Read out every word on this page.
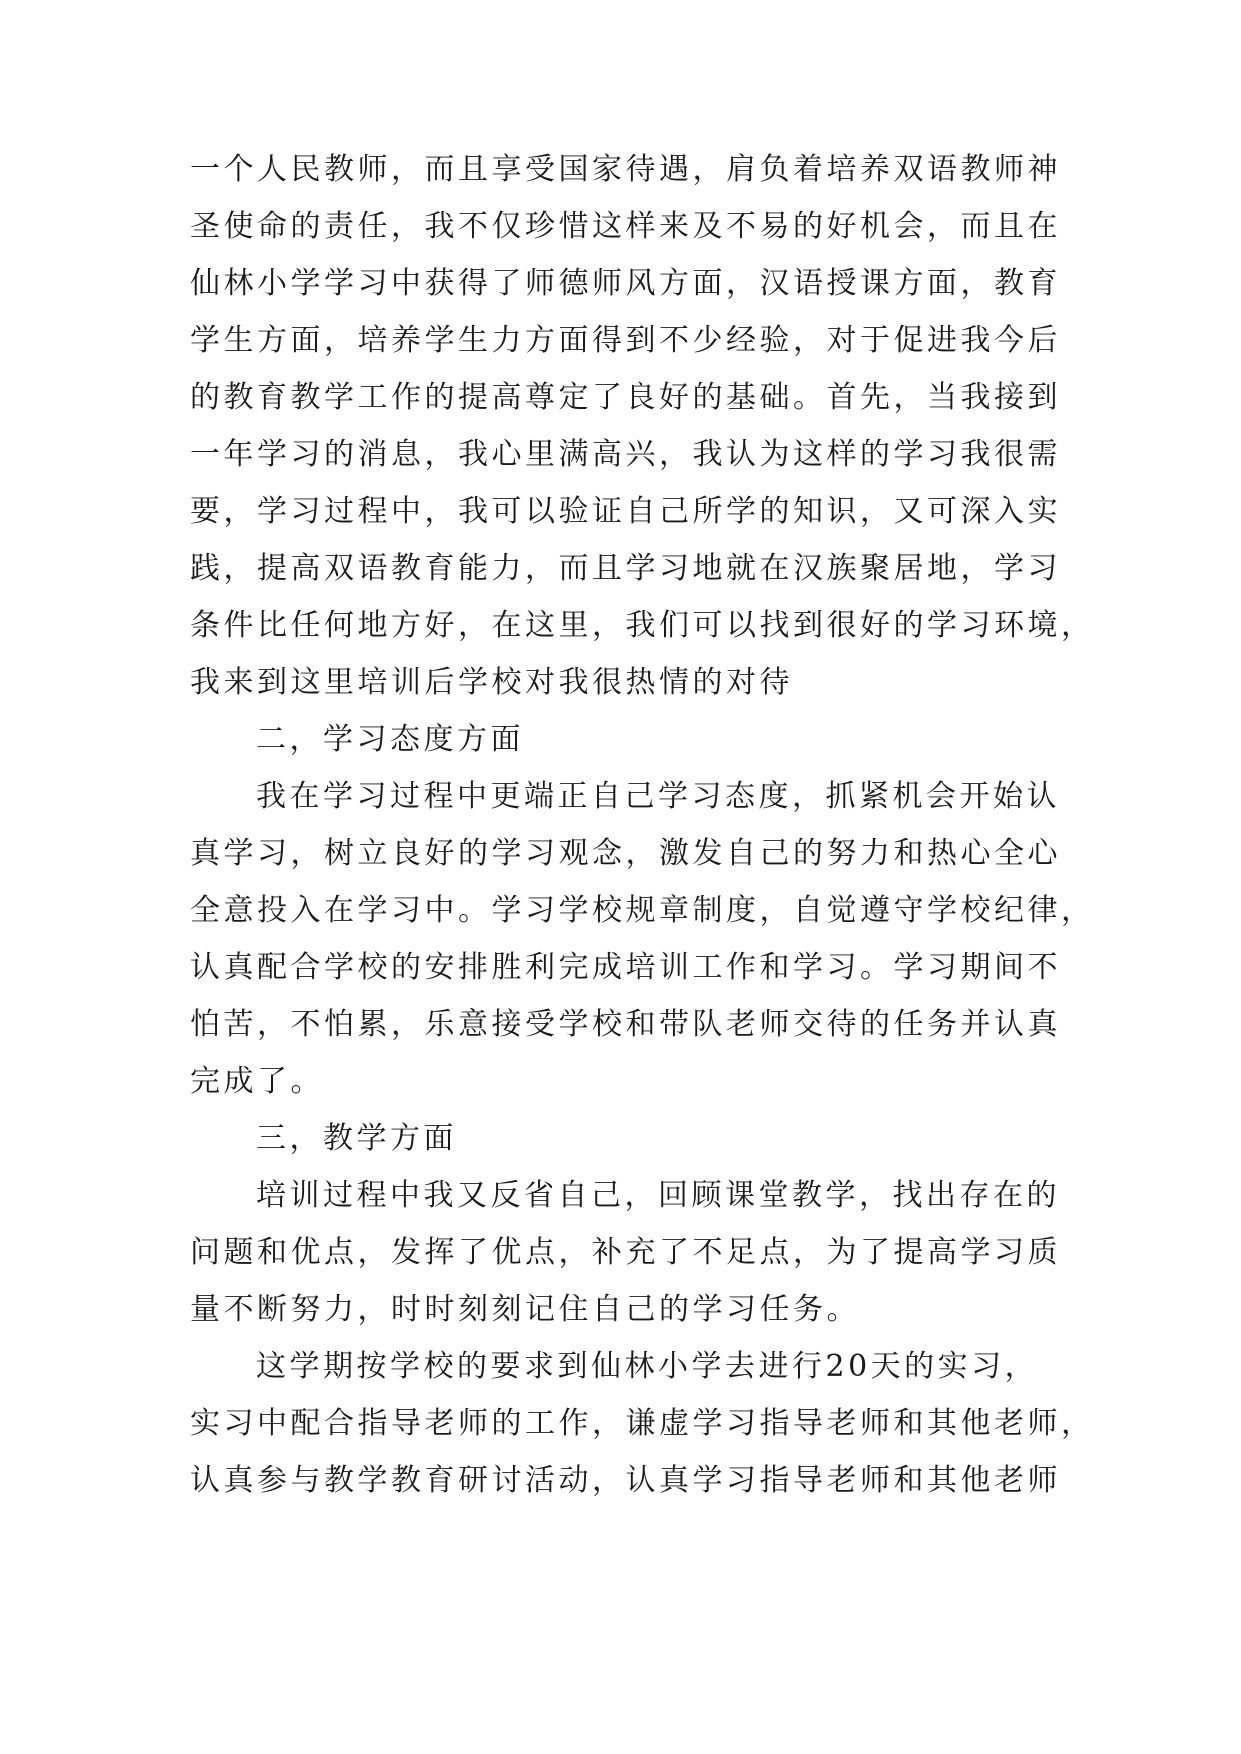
一个人民教师，而且享受国家待遇，肩负着培养双语教师神
圣使命的责任，我不仅珍惜这样来及不易的好机会，而且在
仙林小学学习中获得了师德师风方面，汉语授课方面，教育
学生方面，培养学生力方面得到不少经验，对于促进我今后
的教育教学工作的提高尊定了良好的基础。首先，当我接到
一年学习的消息，我心里满高兴，我认为这样的学习我很需
要，学习过程中，我可以验证自己所学的知识，又可深入实
践，提高双语教育能力，而且学习地就在汉族聚居地，学习
条件比任何地方好，在这里，我们可以找到很好的学习环境，
我来到这里培训后学校对我很热情的对待
二，学习态度方面
我在学习过程中更端正自己学习态度，抓紧机会开始认
真学习，树立良好的学习观念，激发自己的努力和热心全心
全意投入在学习中。学习学校规章制度，自觉遵守学校纪律，
认真配合学校的安排胜利完成培训工作和学习。学习期间不
怕苦，不怕累，乐意接受学校和带队老师交待的任务并认真
完成了。
三，教学方面
培训过程中我又反省自己，回顾课堂教学，找出存在的
问题和优点，发挥了优点，补充了不足点，为了提高学习质
量不断努力，时时刻刻记住自己的学习任务。
这学期按学校的要求到仙林小学去进行20天的实习，
实习中配合指导老师的工作，谦虚学习指导老师和其他老师，
认真参与教学教育研讨活动，认真学习指导老师和其他老师
